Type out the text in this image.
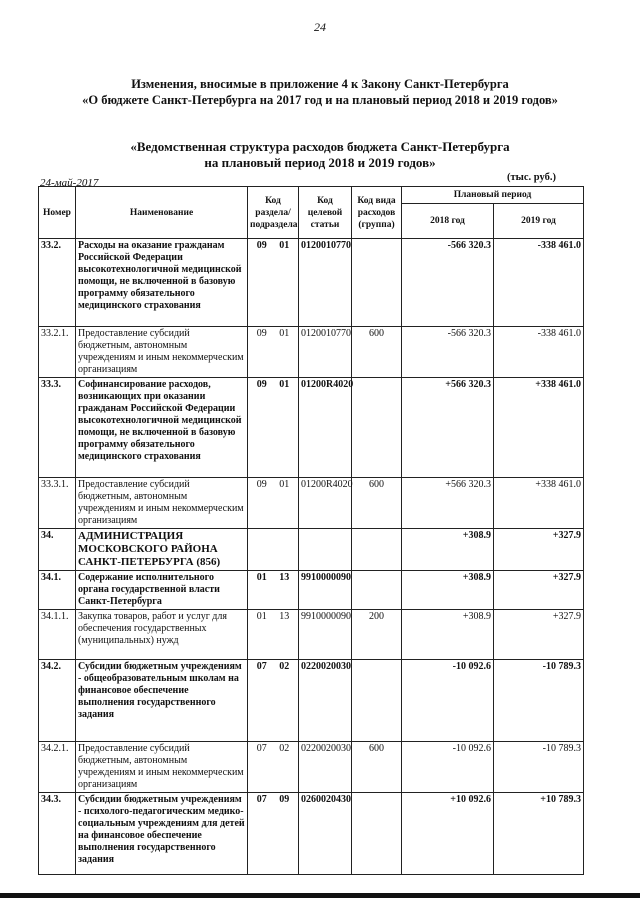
24
Изменения, вносимые в приложение 4 к Закону Санкт-Петербурга
«О бюджете Санкт-Петербурга на 2017 год и на плановый период 2018 и 2019 годов»
«Ведомственная структура расходов бюджета Санкт-Петербурга
на плановый период 2018 и 2019 годов»
24-май-2017	(тыс. руб.)
Номер	Наименование	Код раздела/ подраздела	Код целевой статьи	Код вида расходов (группа)	Плановый период	
					2018 год	2019 год
33.2.	Расходы на оказание гражданам Российской Федерации высокотехнологичной медицинской помощи, не включенной в базовую программу обязательного медицинского страхования	09 01	0120010770		-566 320.3	-338 461.0
33.2.1.	Предоставление субсидий бюджетным, автономным учреждениям и иным некоммерческим организациям	09 01	0120010770	600	-566 320.3	-338 461.0
33.3.	Софинансирование расходов, возникающих при оказании гражданам Российской Федерации высокотехнологичной медицинской помощи, не включенной в базовую программу обязательного медицинского страхования	09 01	01200R4020		+566 320.3	+338 461.0
33.3.1.	Предоставление субсидий бюджетным, автономным учреждениям и иным некоммерческим организациям	09 01	01200R4020	600	+566 320.3	+338 461.0
34.	АДМИНИСТРАЦИЯ МОСКОВСКОГО РАЙОНА САНКТ-ПЕТЕРБУРГА (856)				+308.9	+327.9
34.1.	Содержание исполнительного органа государственной власти Санкт-Петербурга	01 13	9910000090		+308.9	+327.9
34.1.1.	Закупка товаров, работ и услуг для обеспечения государственных (муниципальных) нужд	01 13	9910000090	200	+308.9	+327.9
34.2.	Субсидии бюджетным учреждениям - общеобразовательным школам на финансовое обеспечение выполнения государственного задания	07 02	0220020030		-10 092.6	-10 789.3
34.2.1.	Предоставление субсидий бюджетным, автономным учреждениям и иным некоммерческим организациям	07 02	0220020030	600	-10 092.6	-10 789.3
34.3.	Субсидии бюджетным учреждениям - психолого-педагогическим медико-социальным учреждениям для детей на финансовое обеспечение выполнения государственного задания	07 09	0260020430		+10 092.6	+10 789.3
